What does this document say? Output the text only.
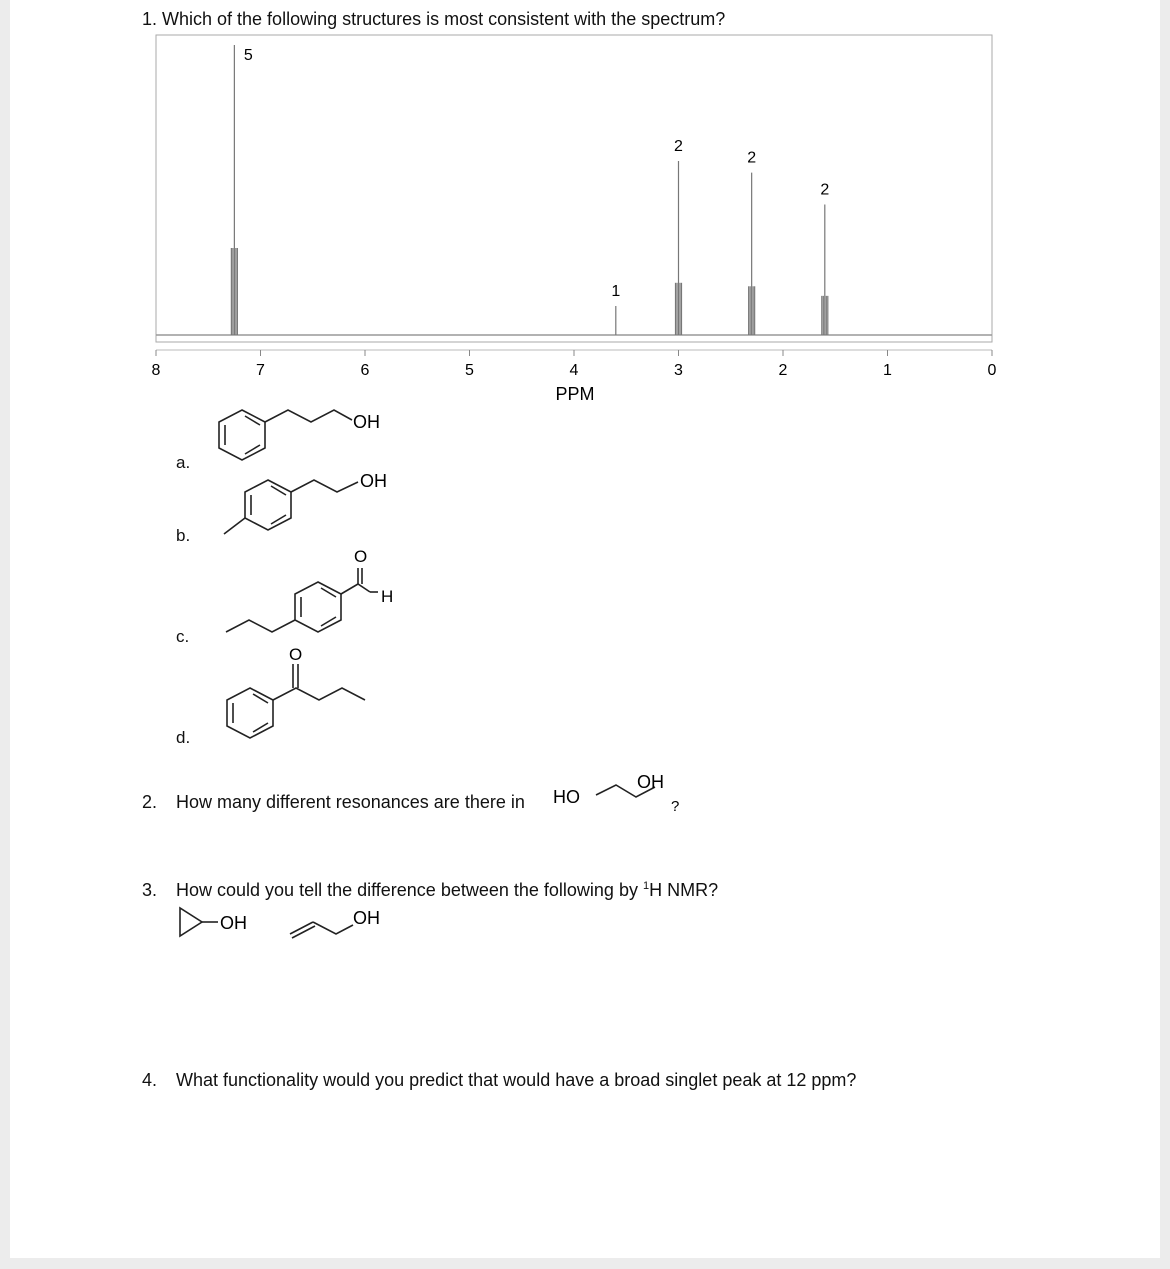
1. Which of the following structures is most consistent with the spectrum?
8	7	6	5	4	3	2	1	0
5
1
2
2
2
PPM
a.
b.
c.
d.
OH
OH
O
H
O
2. How many different resonances are there in HO
OH
?
3. How could you tell the difference between the following by $^1$H NMR?
OH	OH
4. What functionality would you predict that would have a broad singlet peak at 12 ppm?
